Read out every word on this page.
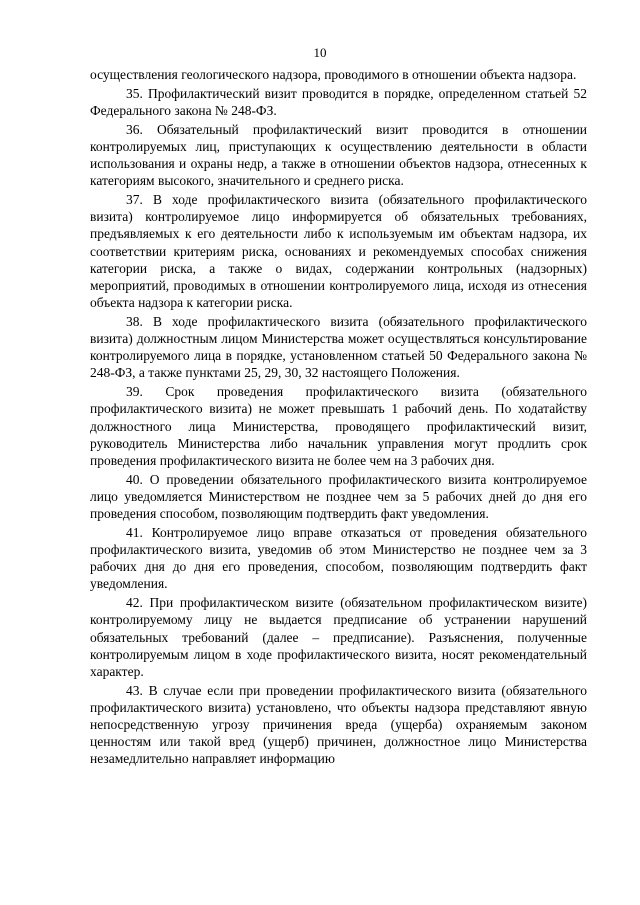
10

осуществления геологического надзора, проводимого в отношении объекта надзора.

35. Профилактический визит проводится в порядке, определенном статьей 52 Федерального закона № 248-ФЗ.

36. Обязательный профилактический визит проводится в отношении контролируемых лиц, приступающих к осуществлению деятельности в области использования и охраны недр, а также в отношении объектов надзора, отнесенных к категориям высокого, значительного и среднего риска.

37. В ходе профилактического визита (обязательного профилактического визита) контролируемое лицо информируется об обязательных требованиях, предъявляемых к его деятельности либо к используемым им объектам надзора, их соответствии критериям риска, основаниях и рекомендуемых способах снижения категории риска, а также о видах, содержании контрольных (надзорных) мероприятий, проводимых в отношении контролируемого лица, исходя из отнесения объекта надзора к категории риска.

38. В ходе профилактического визита (обязательного профилактического визита) должностным лицом Министерства может осуществляться консультирование контролируемого лица в порядке, установленном статьей 50 Федерального закона № 248-ФЗ, а также пунктами 25, 29, 30, 32 настоящего Положения.

39. Срок проведения профилактического визита (обязательного профилактического визита) не может превышать 1 рабочий день. По ходатайству должностного лица Министерства, проводящего профилактический визит, руководитель Министерства либо начальник управления могут продлить срок проведения профилактического визита не более чем на 3 рабочих дня.

40. О проведении обязательного профилактического визита контролируемое лицо уведомляется Министерством не позднее чем за 5 рабочих дней до дня его проведения способом, позволяющим подтвердить факт уведомления.

41. Контролируемое лицо вправе отказаться от проведения обязательного профилактического визита, уведомив об этом Министерство не позднее чем за 3 рабочих дня до дня его проведения, способом, позволяющим подтвердить факт уведомления.

42. При профилактическом визите (обязательном профилактическом визите) контролируемому лицу не выдается предписание об устранении нарушений обязательных требований (далее – предписание). Разъяснения, полученные контролируемым лицом в ходе профилактического визита, носят рекомендательный характер.

43. В случае если при проведении профилактического визита (обязательного профилактического визита) установлено, что объекты надзора представляют явную непосредственную угрозу причинения вреда (ущерба) охраняемым законом ценностям или такой вред (ущерб) причинен, должностное лицо Министерства незамедлительно направляет информацию
